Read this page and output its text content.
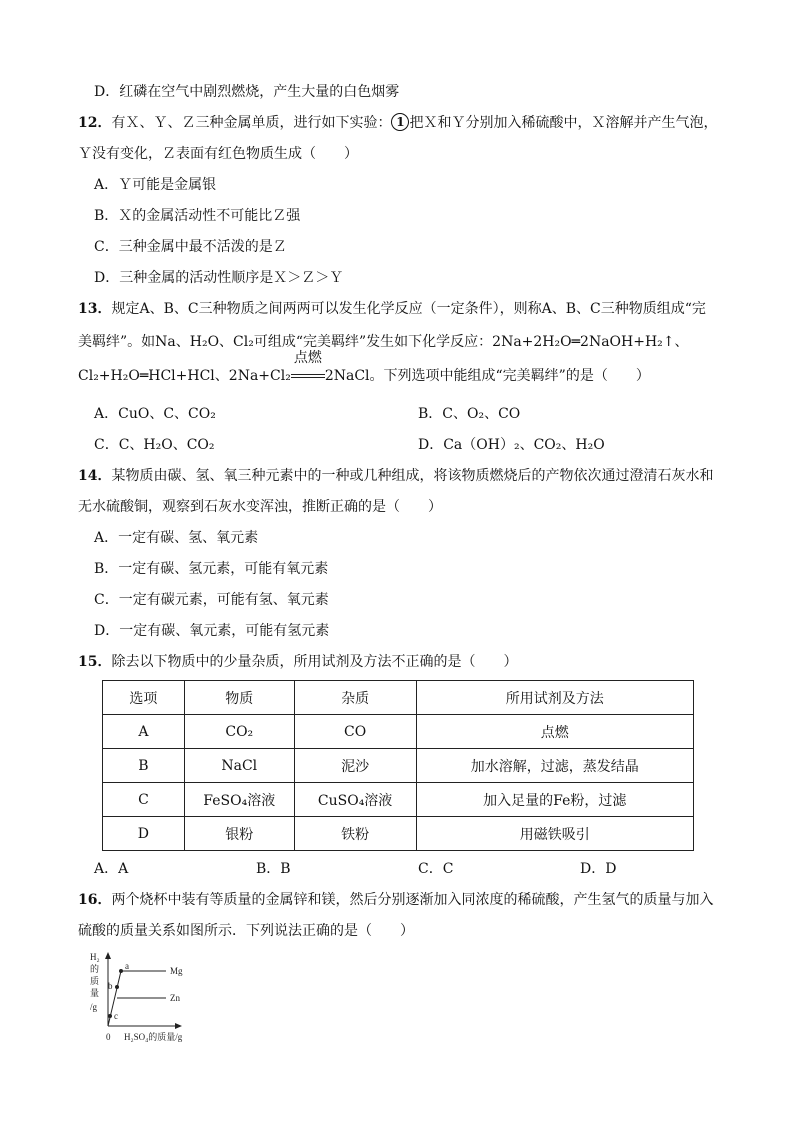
D．红磷在空气中剧烈燃烧，产生大量的白色烟雾
12．有Ｘ、Ｙ、Ｚ三种金属单质，进行如下实验： 1 把Ｘ和Ｙ分别加入稀硫酸中，Ｘ溶解并产生气泡，
Ｙ没有变化，Ｚ表面有红色物质生成（　　）
A．Ｙ可能是金属银
B．Ｘ的金属活动性不可能比Ｚ强
C．三种金属中最不活泼的是Ｚ
D．三种金属的活动性顺序是Ｘ＞Ｚ＞Ｙ
13．规定A、B、C三种物质之间两两可以发生化学反应（一定条件），则称A、B、C三种物质组成“完
美羁绊”。如Na、H₂O、Cl₂可组成“完美羁绊”发生如下化学反应：2Na+2H₂O═2NaOH+H₂↑、
Cl₂+H₂O═HCl+HCl、2Na+Cl₂
点燃
2NaCl。下列选项中能组成“完美羁绊”的是（　　）
A．CuO、C、CO₂	B．C、O₂、CO
C．C、H₂O、CO₂	D．Ca（OH）₂、CO₂、H₂O
14．某物质由碳、氢、氧三种元素中的一种或几种组成，将该物质燃烧后的产物依次通过澄清石灰水和
无水硫酸铜，观察到石灰水变浑浊，推断正确的是（　　）
A．一定有碳、氢、氧元素
B．一定有碳、氢元素，可能有氧元素
C．一定有碳元素，可能有氢、氧元素
D．一定有碳、氧元素，可能有氢元素
15．除去以下物质中的少量杂质，所用试剂及方法不正确的是（　　）
选项	物质	杂质	所用试剂及方法
A	CO₂	CO	点燃
B	NaCl	泥沙	加水溶解，过滤，蒸发结晶
C	FeSO₄溶液	CuSO₄溶液	加入足量的Fe粉，过滤
D	银粉	铁粉	用磁铁吸引
A．A	B．B	C．C	D．D
16．两个烧杯中装有等质量的金属锌和镁，然后分别逐渐加入同浓度的稀硫酸，产生氢气的质量与加入
硫酸的质量关系如图所示．下列说法正确的是（　　）
H₂
的
质
量
/g
0 H₂SO₄的质量/g
Mg
Zn
a
b
c
